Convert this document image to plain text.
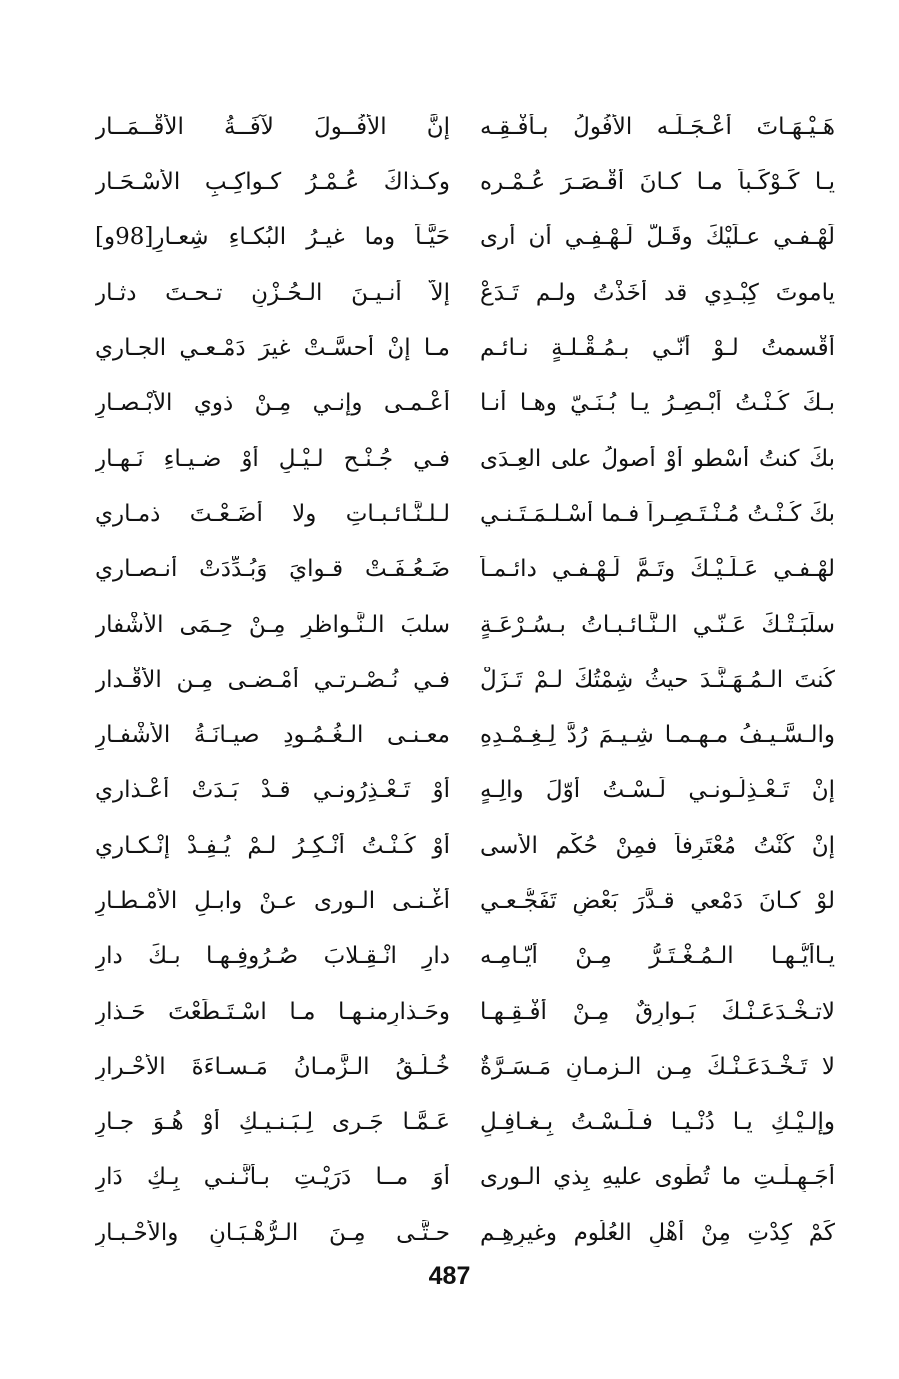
هَـيْـهَـاتَ أَعْـجَـلَـه الأُفُولُ بـأُفْـقِـه
إنَّ الأُفُــولَ لآفَــةُ الأَقْــمَــار
يـا كَـوْكَـباً مـا كـانَ أَقْـصَـرَ عُـمْـره
وكـذاكَ عُـمْـرُ كـواكِـبِ الأَسْـحَـار
لَهْـفـي عـلَيْكَ وقَـلَّ لَـهْـفِـي أن أرى
حَيًّـاً وما غيـرُ البُكـاءِ شِعـارِ[98و]
ياموتَ كِبْـدِي قد أَخَذْتُ ولـم تَـدَعْ
إلاّ أنـيـنَ الـحُـزْنِ تـحـتَ دثـار
أقْسمتُ لـوْ أنّـي بـمُـقْـلـةٍ نـائـم
مـا إنْ أحسَّـتْ غيرَ دَمْـعـي الجـاري
بـكَ كُـنْـتُ أُبْـصِـرُ يـا بُـنَـيّ وهـا أنـا
أعْـمـى وإنـي مِـنْ ذوي الأبْـصـارِ
بكَ كنتُ أَسْطو أَوْ أصولُ على العِـدَى
فـي جُـنْـحِ لـيْـلٍ أوْ ضـيـاءِ نَـهـارِ
بكَ كُـنْـتُ مُـنْـتَـصِـراً فـما أَسْـلـمَـتَـنـي
لـلـنَّـائـبـاتِ ولا أضَـعْـتَ ذمـاري
لهْـفـي عَـلَـيْـكَ وتَـمَّ لَـهْـفـي دائـمـاً
ضَـعُـفَـتْ قـوايَ وَبُـدِّدَتْ أنـصـاري
سلَبَـتْـكَ عَـنّـي الـنَّـائـبـاتُ بـسُـرْعَـةٍ
سلبَ الـنَّـواظرِ مِـنْ حِـمَى الأشْفار
كُنتَ الـمُـهَـنَّـدَ حيثُ شِمْتُكَ لـمْ تَـزَلْ
فـي نُـصْـرتـي أمْـضـى مِـن الأقْـدار
والـسَّـيـفُ مـهـمـا شِـيـمَ رُدَّ لِـغِـمْـدِهِ
معـنـى الـغُـمُـودِ صيـانَـةُ الأشْفـارِ
إنْ تَـعْـذِلُـونـي لَـسْـتُ أوّلَ والِـهٍ
أوْ تَـعْـذِرُونـي قـدْ بَـدَتْ أعْـذاري
إنْ كُنْتُ مُعْتَرِفاً فمِنْ حُكْمِ الأسى
أوْ كُـنْـتُ أُنْـكِـرُ لـمْ يُـفِـدْ إنْـكـاري
لوْ كـانَ دَمْعي قـدَّرَ بَعْضِ تَفَجُّـعـي
أغْـنـى الـورى عـنْ وابـلِ الأمْـطـارِ
يـاأيُّـهـا الـمُـغْـتَـرُّ مِـنْ أيّـامِـه
دارِ انْـقِـلابَ صُـرُوفِـهـا بـكَ دارِ
لاتـخْـدَعَـنْـكَ بَـوارِقٌ مِـنْ أُفْـقِـهـا
وحَـذارِمنـهـا مـا اسْـتَـطَعْتَ حَـذارِ
لا تَـخْـدَعَـنْـكَ مِـن الـزمـانِ مَـسَـرَّةٌ
خُـلُـقُ الـزَّمـانُ مَـسـاءَةَ الأحْـرارِ
وإلـيْـكِ يـا دُنْـيـا فـلَـسْـتُ بِـغـافِـلٍ
عَـمَّـا جَـرى لِـبَـنـيـكِ أوْ هُـوَ جـارِ
أَجَـهِـلْـتِ ما تُطْوى عليهِ بِذي الـورى
أوَ مــا دَرَيْـتِ بـأنَّـنـي بِـكِ دَارِ
كَمْ كِدْتِ مِنْ أَهْلِ العُلُومِ وغيرِهِـم
حـتَّـى مِـنَ الـرُّهْـبَـانِ والأحْـبـارِ
487
